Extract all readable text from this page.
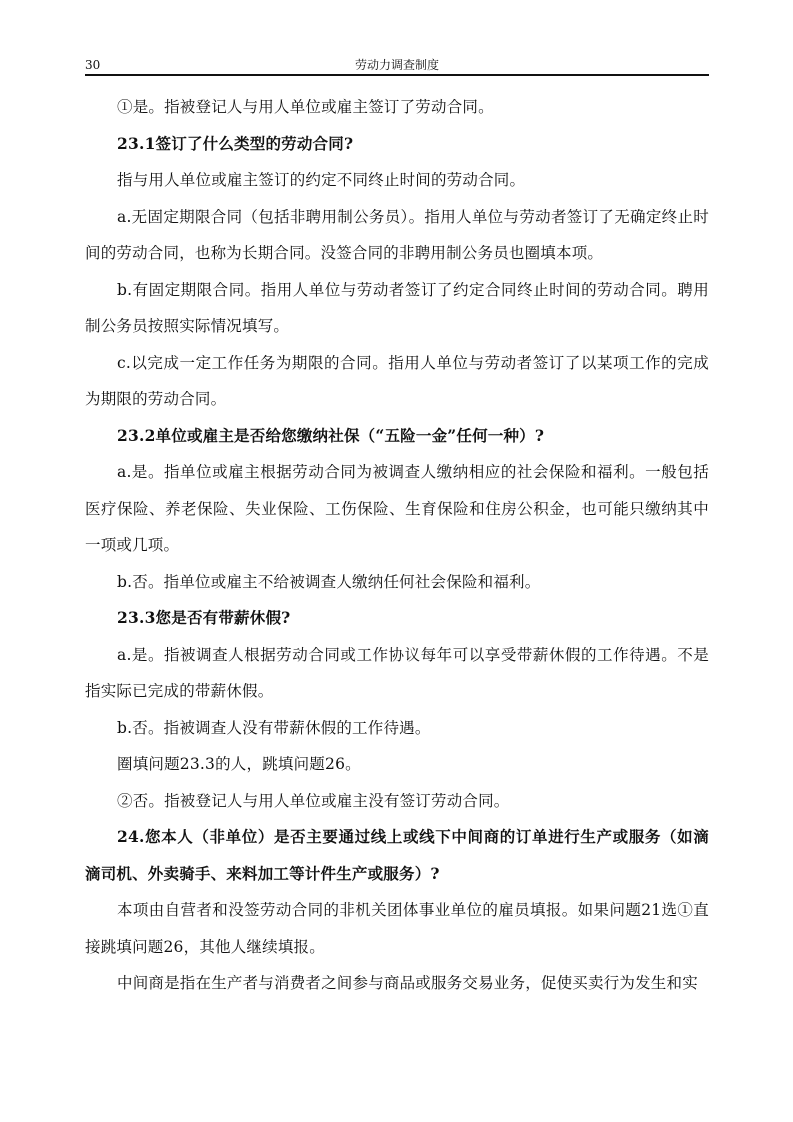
30	劳动力调查制度

①是。指被登记人与用人单位或雇主签订了劳动合同。

23.1签订了什么类型的劳动合同?

指与用人单位或雇主签订的约定不同终止时间的劳动合同。

a.无固定期限合同（包括非聘用制公务员）。指用人单位与劳动者签订了无确定终止时间的劳动合同，也称为长期合同。没签合同的非聘用制公务员也圈填本项。

b.有固定期限合同。指用人单位与劳动者签订了约定合同终止时间的劳动合同。聘用制公务员按照实际情况填写。

c.以完成一定工作任务为期限的合同。指用人单位与劳动者签订了以某项工作的完成为期限的劳动合同。

23.2单位或雇主是否给您缴纳社保（“五险一金”任何一种）?

a.是。指单位或雇主根据劳动合同为被调查人缴纳相应的社会保险和福利。一般包括医疗保险、养老保险、失业保险、工伤保险、生育保险和住房公积金，也可能只缴纳其中一项或几项。

b.否。指单位或雇主不给被调查人缴纳任何社会保险和福利。

23.3您是否有带薪休假?

a.是。指被调查人根据劳动合同或工作协议每年可以享受带薪休假的工作待遇。不是指实际已完成的带薪休假。

b.否。指被调查人没有带薪休假的工作待遇。

圈填问题23.3的人，跳填问题26。

②否。指被登记人与用人单位或雇主没有签订劳动合同。

24.您本人（非单位）是否主要通过线上或线下中间商的订单进行生产或服务（如滴滴司机、外卖骑手、来料加工等计件生产或服务）?

本项由自营者和没签劳动合同的非机关团体事业单位的雇员填报。如果问题21选①直接跳填问题26，其他人继续填报。

中间商是指在生产者与消费者之间参与商品或服务交易业务，促使买卖行为发生和实
